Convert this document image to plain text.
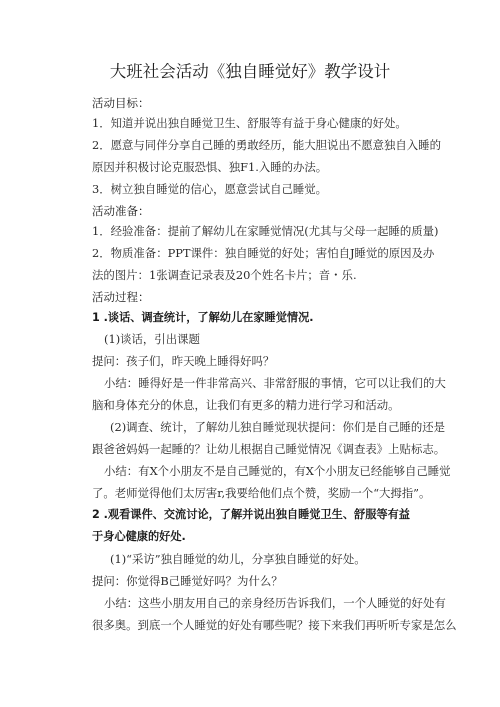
大班社会活动《独自睡觉好》教学设计
活动目标：
1．知道并说出独自睡觉卫生、舒服等有益于身心健康的好处。
2．愿意与同伴分享自己睡的勇敢经历，能大胆说出不愿意独自入睡的
原因并积极讨论克服恐惧、独F1.入睡的办法。
3．树立独自睡觉的信心，愿意尝试自己睡觉。
活动准备：
1．经验准备：提前了解幼儿在家睡觉情况(尤其与父母一起睡的质量)
2．物质准备：PPT课件：独自睡觉的好处；害怕自J睡觉的原因及办
法的图片：1张调查记录表及20个姓名卡片；音・乐.
活动过程：
1 .谈话、调查统计，了解幼儿在家睡觉情况.
(1)谈话，引出课题
提问：孩子们，昨天晚上睡得好吗？
小结：睡得好是一件非常高兴、非常舒服的事情，它可以让我们的大
脑和身体充分的休息，让我们有更多的精力进行学习和活动。
(2)调查、统计，了解幼儿独自睡觉现状提问：你们是自己睡的还是
跟爸爸妈妈一起睡的？让幼儿根据自己睡觉情况《调查表》上贴标志。
小结：有X个小朋友不是自己睡觉的，有X个小朋友已经能够自己睡觉
了。老师觉得他们太厉害r,我要给他们点个赞，奖励一个“大拇指”。
2 .观看课件、交流讨论，了解并说出独自睡觉卫生、舒服等有益
于身心健康的好处.
(1)“采访”独自睡觉的幼儿，分享独自睡觉的好处。
提问：你觉得B己睡觉好吗？为什么？
小结：这些小朋友用自己的亲身经历告诉我们，一个人睡觉的好处有
很多奥。到底一个人睡觉的好处有哪些呢？接下来我们再听听专家是怎么
